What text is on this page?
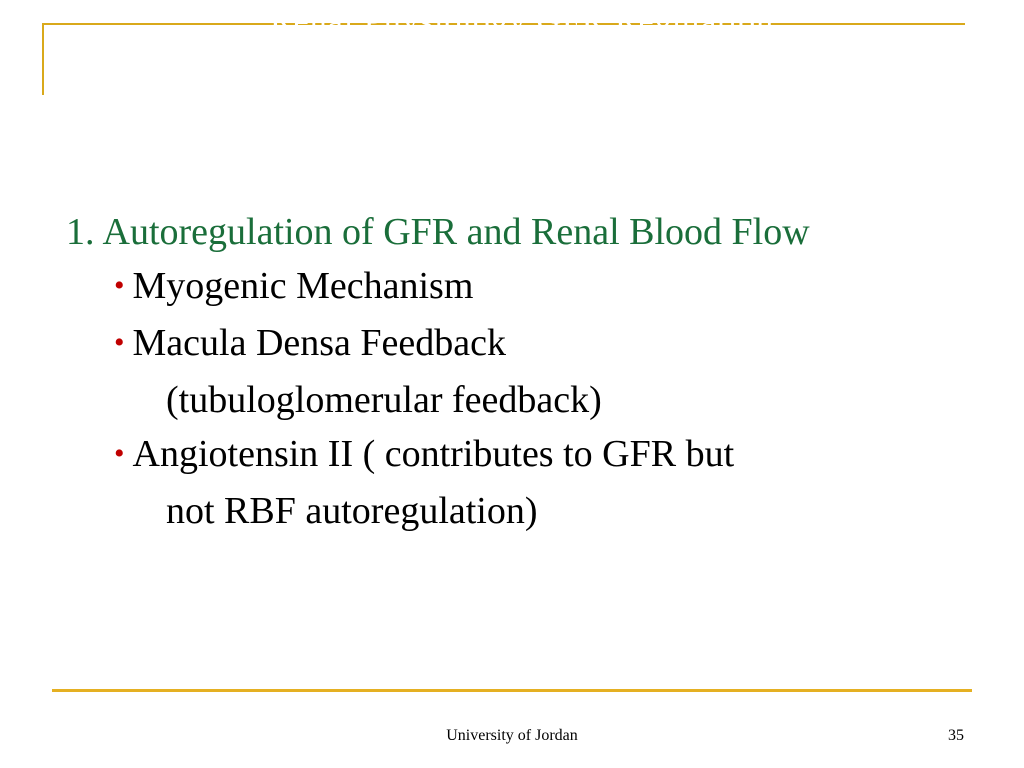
Renal Physiology GFR Regulation
1. Autoregulation of GFR and Renal Blood Flow
• Myogenic Mechanism
• Macula Densa Feedback
(tubuloglomerular feedback)
• Angiotensin II ( contributes to GFR but
not RBF autoregulation)
University of Jordan	35
